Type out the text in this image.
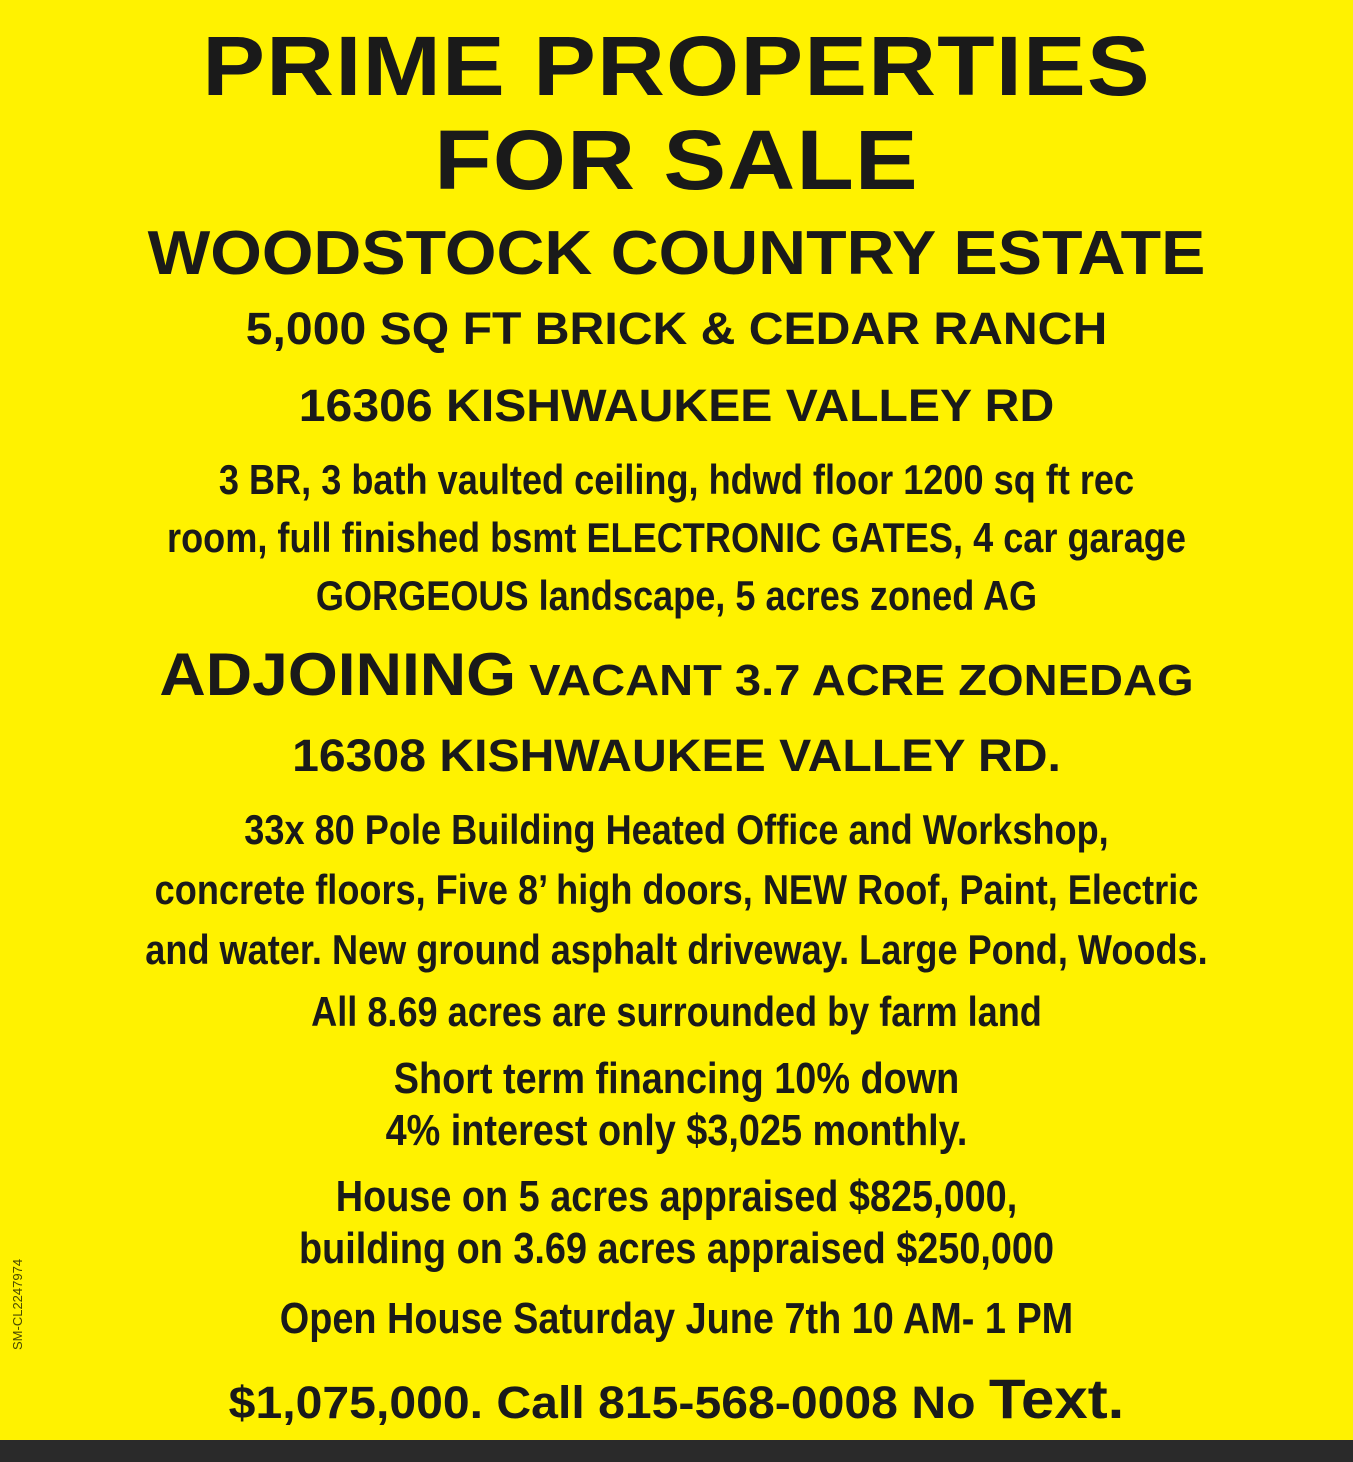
PRIME PROPERTIES
FOR SALE
WOODSTOCK COUNTRY ESTATE
5,000 SQ FT BRICK & CEDAR RANCH
16306 KISHWAUKEE VALLEY RD
3 BR, 3 bath vaulted ceiling, hdwd floor 1200 sq ft rec
room, full finished bsmt ELECTRONIC GATES, 4 car garage
GORGEOUS landscape, 5 acres zoned AG
ADJOINING VACANT 3.7 ACRE ZONEDAG
16308 KISHWAUKEE VALLEY RD.
33x 80 Pole Building Heated Office and Workshop,
concrete floors, Five 8’ high doors, NEW Roof, Paint, Electric
and water. New ground asphalt driveway. Large Pond, Woods.
All 8.69 acres are surrounded by farm land
Short term financing 10% down
4% interest only $3,025 monthly.
House on 5 acres appraised $825,000,
building on 3.69 acres appraised $250,000
Open House Saturday June 7th 10 AM- 1 PM
$1,075,000. Call 815-568-0008 No Text.
SM-CL2247974
